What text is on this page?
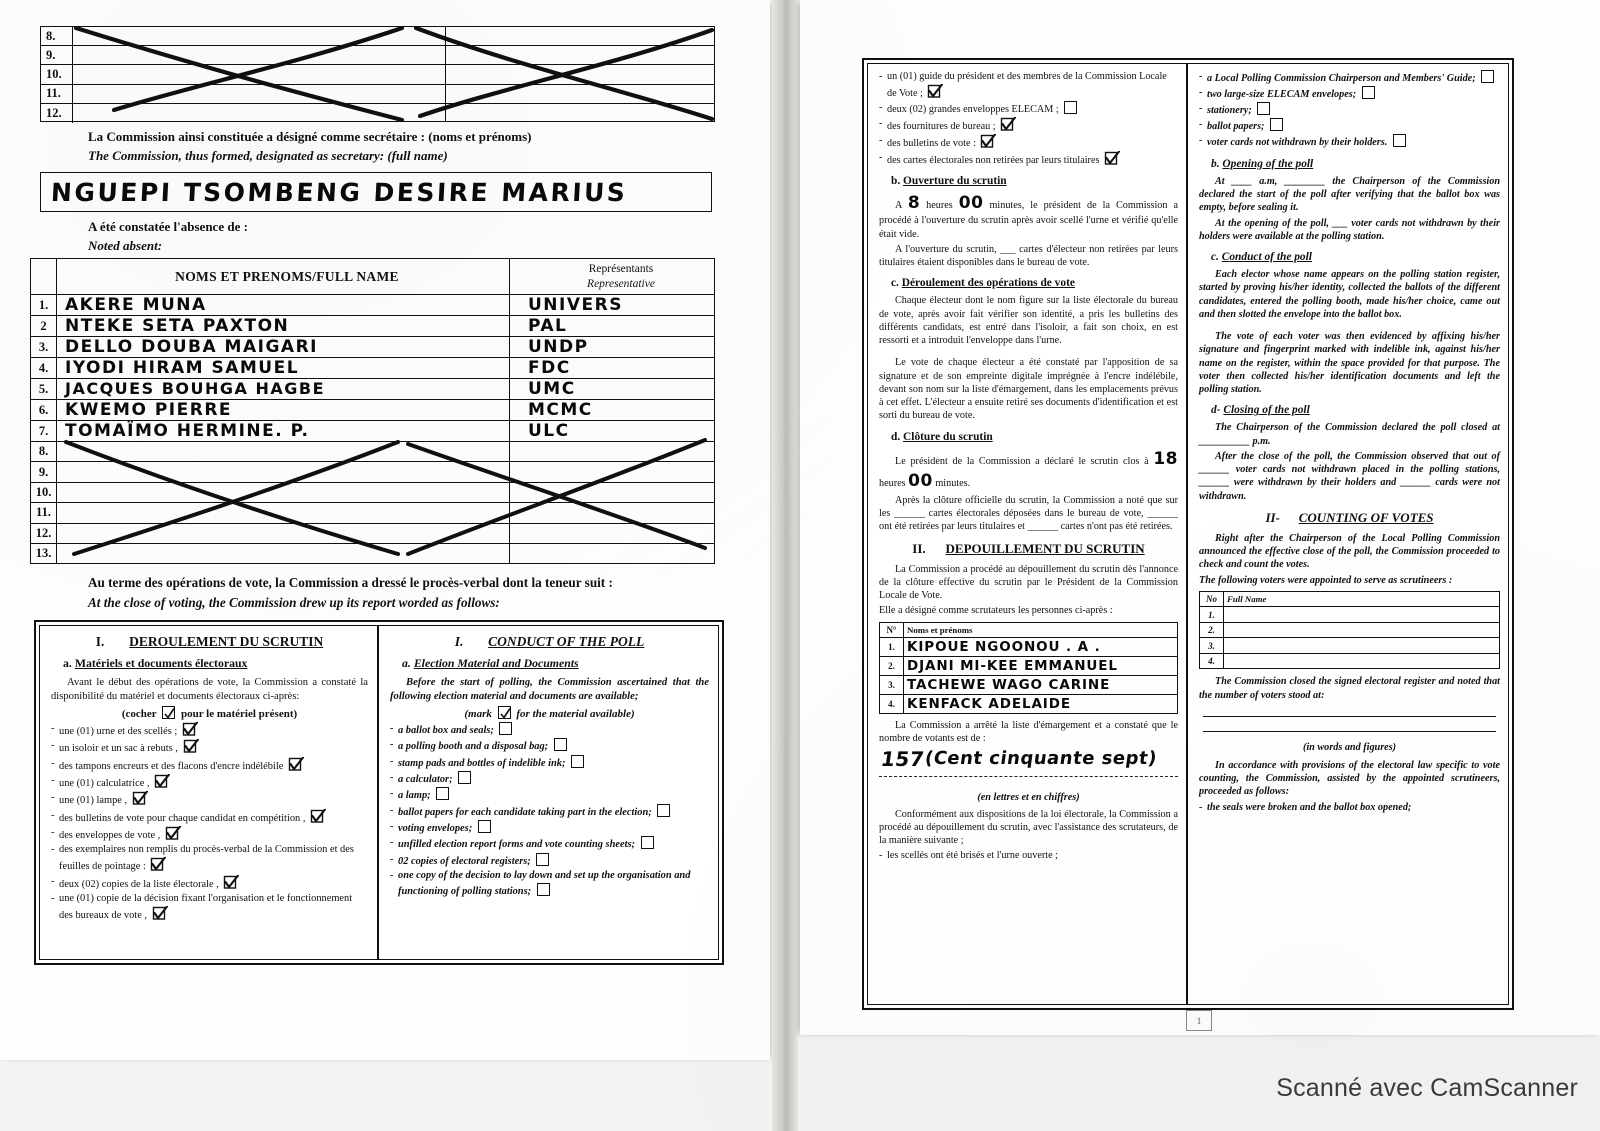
8.
9.
10.
11.
12.
La Commission ainsi constituée a désigné comme secrétaire : (noms et prénoms)
The Commission, thus formed, designated as secretary: (full name)
NGUEPI TSOMBENG DESIRE MARIUS
A été constatée l'absence de :
Noted absent:
	NOMS ET PRENOMS/FULL NAME	Représentants
Representative
1.	AKERE MUNA	UNIVERS
2	NTEKE SETA PAXTON	PAL
3.	DELLO DOUBA MAIGARI	UNDP
4.	IYODI HIRAM SAMUEL	FDC
5.	JACQUES BOUHGA HAGBE	UMC
6.	KWEMO PIERRE	MCMC
7.	TOMAÏMO HERMINE. P.	ULC
8.		
9.		
10.		
11.		
12.		
13.		
Au terme des opérations de vote, la Commission a dressé le procès-verbal dont la teneur suit :
At the close of voting, the Commission drew up its report worded as follows:
I. DEROULEMENT DU SCRUTIN
a. Matériels et documents électoraux

Avant le début des opérations de vote, la Commission a constaté la disponibilité du matériel et documents électoraux ci-après:

(cocher pour le matériel présent)
- une (01) urne et des scellés ;
- un isoloir et un sac à rebuts ,
- des tampons encreurs et des flacons d'encre indélébile
- une (01) calculatrice ,
- une (01) lampe ,
- des bulletins de vote pour chaque candidat en compétition ,
- des enveloppes de vote ,
- des exemplaires non remplis du procès-verbal de la Commission et des feuilles de pointage :
- deux (02) copies de la liste électorale ,
- une (01) copie de la décision fixant l'organisation et le fonctionnement des bureaux de vote ,
I. CONDUCT OF THE POLL
a. Election Material and Documents

Before the start of polling, the Commission ascertained that the following election material and documents are available;

(mark for the material available)
- a ballot box and seals;
- a polling booth and a disposal bag;
- stamp pads and bottles of indelible ink;
- a calculator;
- a lamp;
- ballot papers for each candidate taking part in the election;
- voting envelopes;
- unfilled election report forms and vote counting sheets;
- 02 copies of electoral registers;
- one copy of the decision to lay down and set up the organisation and functioning of polling stations;
- un (01) guide du président et des membres de la Commission Locale de Vote ;
- deux (02) grandes enveloppes ELECAM ;
- des fournitures de bureau ;
- des bulletins de vote :
- des cartes électorales non retirées par leurs titulaires
b. Ouverture du scrutin

A 8 heures 00 minutes, le président de la Commission a procédé à l'ouverture du scrutin après avoir scellé l'urne et vérifié qu'elle était vide.

A l'ouverture du scrutin, ___ cartes d'électeur non retirées par leurs titulaires étaient disponibles dans le bureau de vote.

c. Déroulement des opérations de vote

Chaque électeur dont le nom figure sur la liste électorale du bureau de vote, après avoir fait vérifier son identité, a pris les bulletins des différents candidats, est entré dans l'isoloir, a fait son choix, en est ressorti et a introduit l'enveloppe dans l'urne.

Le vote de chaque électeur a été constaté par l'apposition de sa signature et de son empreinte digitale imprégnée à l'encre indélébile, devant son nom sur la liste d'émargement, dans les emplacements prévus à cet effet. L'électeur a ensuite retiré ses documents d'identification et est sorti du bureau de vote.

d. Clôture du scrutin

Le président de la Commission a déclaré le scrutin clos à 18 heures 00 minutes.

Après la clôture officielle du scrutin, la Commission a noté que sur les ______ cartes électorales déposées dans le bureau de vote, ______ ont été retirées par leurs titulaires et ______ cartes n'ont pas été retirées.

II. DEPOUILLEMENT DU SCRUTIN

La Commission a procédé au dépouillement du scrutin dès l'annonce de la clôture effective du scrutin par le Président de la Commission Locale de Vote.

Elle a désigné comme scrutateurs les personnes ci-après :

N°	Noms et prénoms
1.	KIPOUE NGOONOU . A .
2.	DJANI MI-KEE EMMANUEL
3.	TACHEWE WAGO CARINE
4.	KENFACK ADELAIDE

La Commission a arrêté la liste d'émargement et a constaté que le nombre de votants est de :

157
(Cent cinquante sept)
(en lettres et en chiffres)

Conformément aux dispositions de la loi électorale, la Commission a procédé au dépouillement du scrutin, avec l'assistance des scrutateurs, de la manière suivante ;

- les scellés ont été brisés et l'urne ouverte ;
- a Local Polling Commission Chairperson and Members' Guide;
- two large-size ELECAM envelopes;
- stationery;
- ballot papers;
- voter cards not withdrawn by their holders.
b. Opening of the poll

At ____ a.m, ________ the Chairperson of the Commission declared the start of the poll after verifying that the ballot box was empty, before sealing it.

At the opening of the poll, ___ voter cards not withdrawn by their holders were available at the polling station.

c. Conduct of the poll

Each elector whose name appears on the polling station register, started by proving his/her identity, collected the ballots of the different candidates, entered the polling booth, made his/her choice, came out and then slotted the envelope into the ballot box.

The vote of each voter was then evidenced by affixing his/her signature and fingerprint marked with indelible ink, against his/her name on the register, within the space provided for that purpose. The voter then collected his/her identification documents and left the polling station.

d- Closing of the poll

The Chairperson of the Commission declared the poll closed at __________ p.m.

After the close of the poll, the Commission observed that out of ______ voter cards not withdrawn placed in the polling stations, ______ were withdrawn by their holders and ______ cards were not withdrawn.

II- COUNTING OF VOTES

Right after the Chairperson of the Local Polling Commission announced the effective close of the poll, the Commission proceeded to check and count the votes.

The following voters were appointed to serve as scrutineers :

No	Full Name
1.	
2.	
3.	
4.	

The Commission closed the signed electoral register and noted that the number of voters stood at:

(in words and figures)

In accordance with provisions of the electoral law specific to vote counting, the Commission, assisted by the appointed scrutineers, proceeded as follows:

- the seals were broken and the ballot box opened;
1
Scanné avec CamScanner
